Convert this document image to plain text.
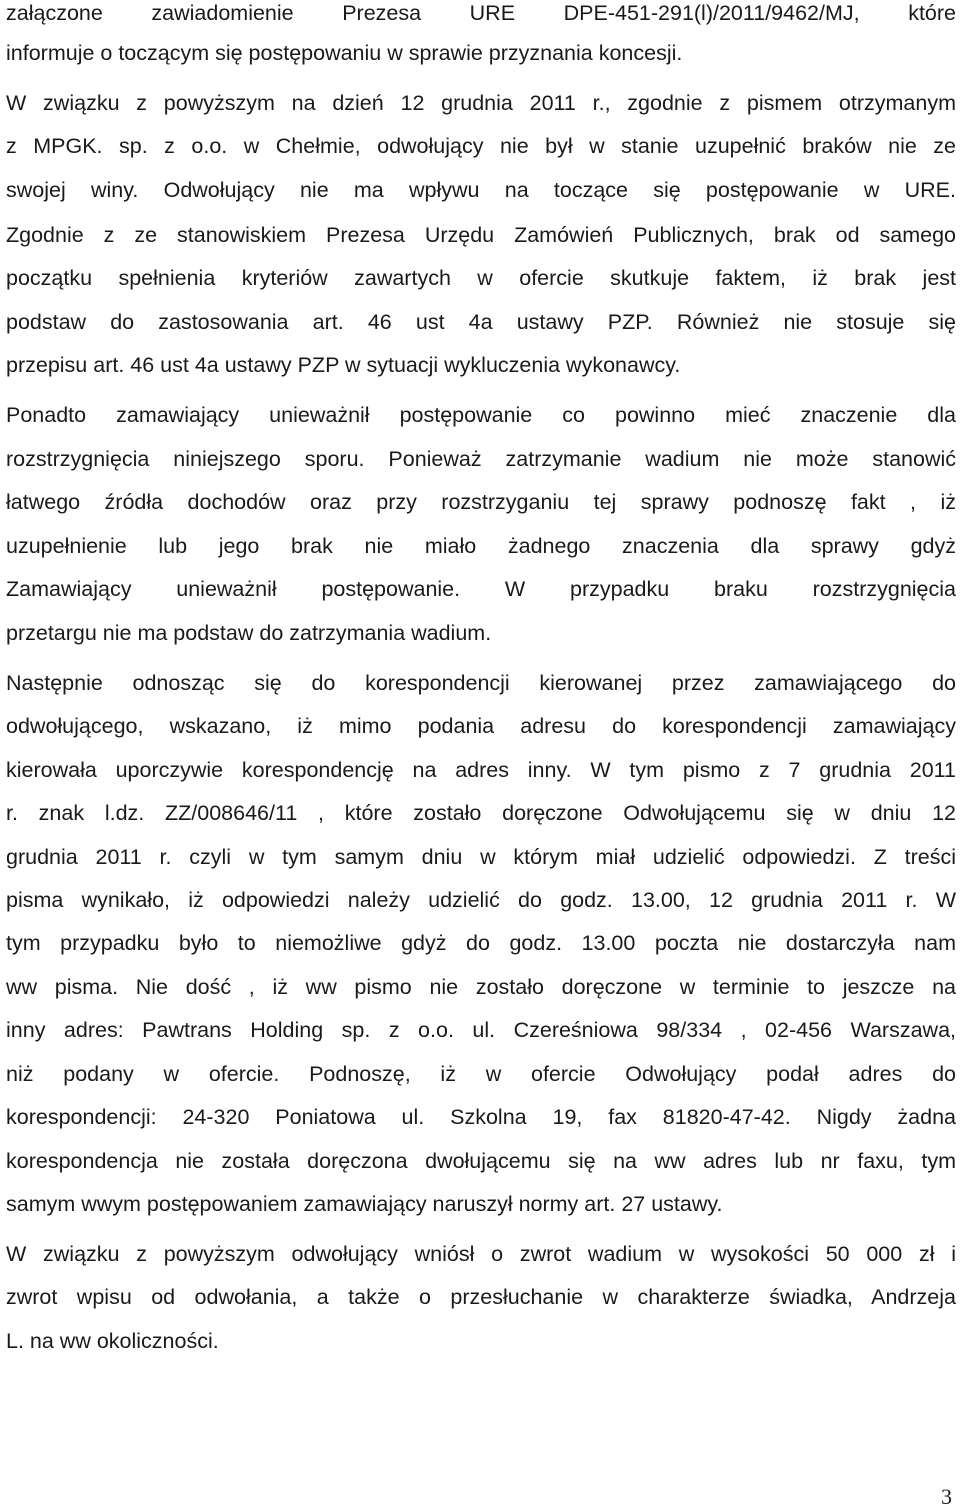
załączone zawiadomienie Prezesa URE DPE-451-291(l)/2011/9462/MJ, które
informuje o toczącym się postępowaniu w sprawie przyznania koncesji.
W związku z powyższym na dzień 12 grudnia 2011 r., zgodnie z pismem otrzymanym
z MPGK. sp. z o.o. w Chełmie, odwołujący nie był w stanie uzupełnić braków nie ze
swojej winy. Odwołujący nie ma wpływu na toczące się postępowanie w URE.
Zgodnie z ze stanowiskiem Prezesa Urzędu Zamówień Publicznych, brak od samego
początku spełnienia kryteriów zawartych w ofercie skutkuje faktem, iż brak jest
podstaw do zastosowania art. 46 ust 4a ustawy PZP. Również nie stosuje się
przepisu art. 46 ust 4a ustawy PZP w sytuacji wykluczenia wykonawcy.
Ponadto zamawiający unieważnił postępowanie co powinno mieć znaczenie dla
rozstrzygnięcia niniejszego sporu. Ponieważ zatrzymanie wadium nie może stanowić
łatwego źródła dochodów oraz przy rozstrzyganiu tej sprawy podnoszę fakt , iż
uzupełnienie lub jego brak nie miało żadnego znaczenia dla sprawy gdyż
Zamawiający unieważnił postępowanie. W przypadku braku rozstrzygnięcia
przetargu nie ma podstaw do zatrzymania wadium.
Następnie odnosząc się do korespondencji kierowanej przez zamawiającego do
odwołującego, wskazano, iż mimo podania adresu do korespondencji zamawiający
kierowała uporczywie korespondencję na adres inny. W tym pismo z 7 grudnia 2011
r. znak l.dz. ZZ/008646/11 , które zostało doręczone Odwołującemu się w dniu 12
grudnia 2011 r. czyli w tym samym dniu w którym miał udzielić odpowiedzi. Z treści
pisma wynikało, iż odpowiedzi należy udzielić do godz. 13.00, 12 grudnia 2011 r. W
tym przypadku było to niemożliwe gdyż do godz. 13.00 poczta nie dostarczyła nam
ww pisma. Nie dość , iż ww pismo nie zostało doręczone w terminie to jeszcze na
inny adres: Pawtrans Holding sp. z o.o. ul. Czereśniowa 98/334 , 02-456 Warszawa,
niż podany w ofercie. Podnoszę, iż w ofercie Odwołujący podał adres do
korespondencji: 24-320 Poniatowa ul. Szkolna 19, fax 81820-47-42. Nigdy żadna
korespondencja nie została doręczona dwołującemu się na ww adres lub nr faxu, tym
samym wwym postępowaniem zamawiający naruszył normy art. 27 ustawy.
W związku z powyższym odwołujący wniósł o zwrot wadium w wysokości 50 000 zł i
zwrot wpisu od odwołania, a także o przesłuchanie w charakterze świadka, Andrzeja
L. na ww okoliczności.
3
